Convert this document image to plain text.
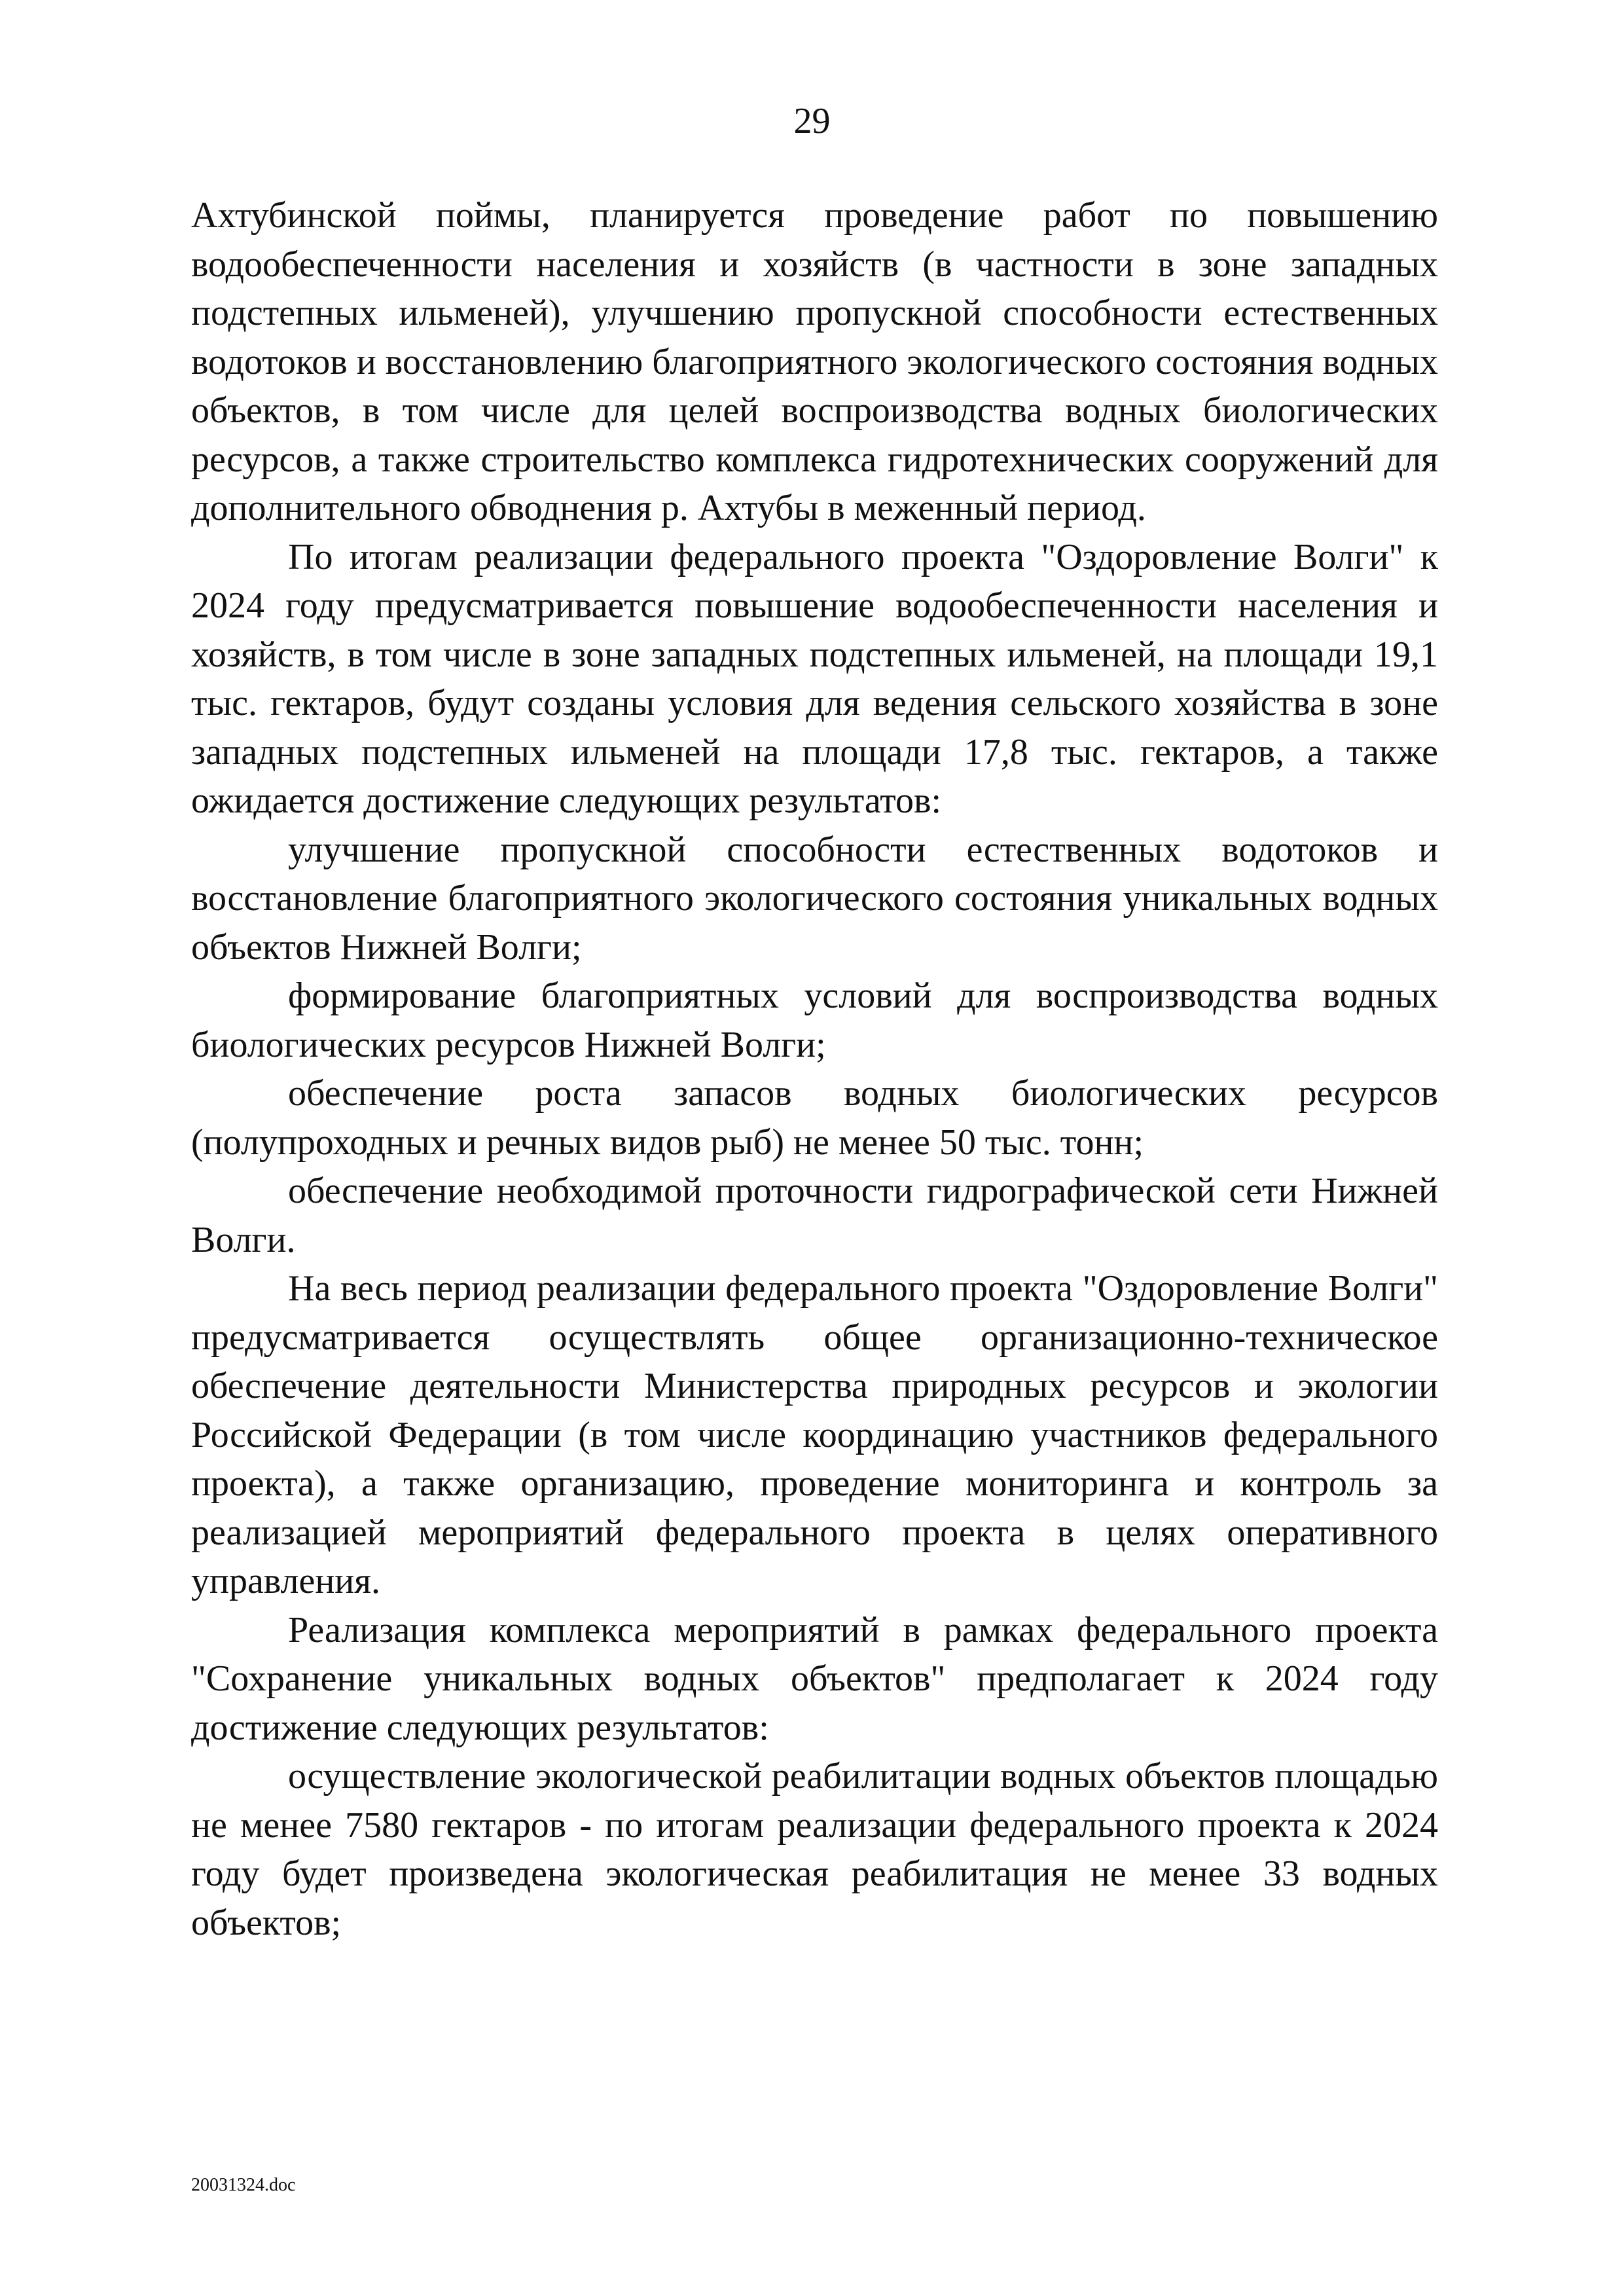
29

Ахтубинской поймы, планируется проведение работ по повышению водообеспеченности населения и хозяйств (в частности в зоне западных подстепных ильменей), улучшению пропускной способности естественных водотоков и восстановлению благоприятного экологического состояния водных объектов, в том числе для целей воспроизводства водных биологических ресурсов, а также строительство комплекса гидротехнических сооружений для дополнительного обводнения р. Ахтубы в меженный период.

По итогам реализации федерального проекта "Оздоровление Волги" к 2024 году предусматривается повышение водообеспеченности населения и хозяйств, в том числе в зоне западных подстепных ильменей, на площади 19,1 тыс. гектаров, будут созданы условия для ведения сельского хозяйства в зоне западных подстепных ильменей на площади 17,8 тыс. гектаров, а также ожидается достижение следующих результатов:

улучшение пропускной способности естественных водотоков и восстановление благоприятного экологического состояния уникальных водных объектов Нижней Волги;

формирование благоприятных условий для воспроизводства водных биологических ресурсов Нижней Волги;

обеспечение роста запасов водных биологических ресурсов (полупроходных и речных видов рыб) не менее 50 тыс. тонн;

обеспечение необходимой проточности гидрографической сети Нижней Волги.

На весь период реализации федерального проекта "Оздоровление Волги" предусматривается осуществлять общее организационно-техническое обеспечение деятельности Министерства природных ресурсов и экологии Российской Федерации (в том числе координацию участников федерального проекта), а также организацию, проведение мониторинга и контроль за реализацией мероприятий федерального проекта в целях оперативного управления.

Реализация комплекса мероприятий в рамках федерального проекта "Сохранение уникальных водных объектов" предполагает к 2024 году достижение следующих результатов:

осуществление экологической реабилитации водных объектов площадью не менее 7580 гектаров - по итогам реализации федерального проекта к 2024 году будет произведена экологическая реабилитация не менее 33 водных объектов;

20031324.doc
